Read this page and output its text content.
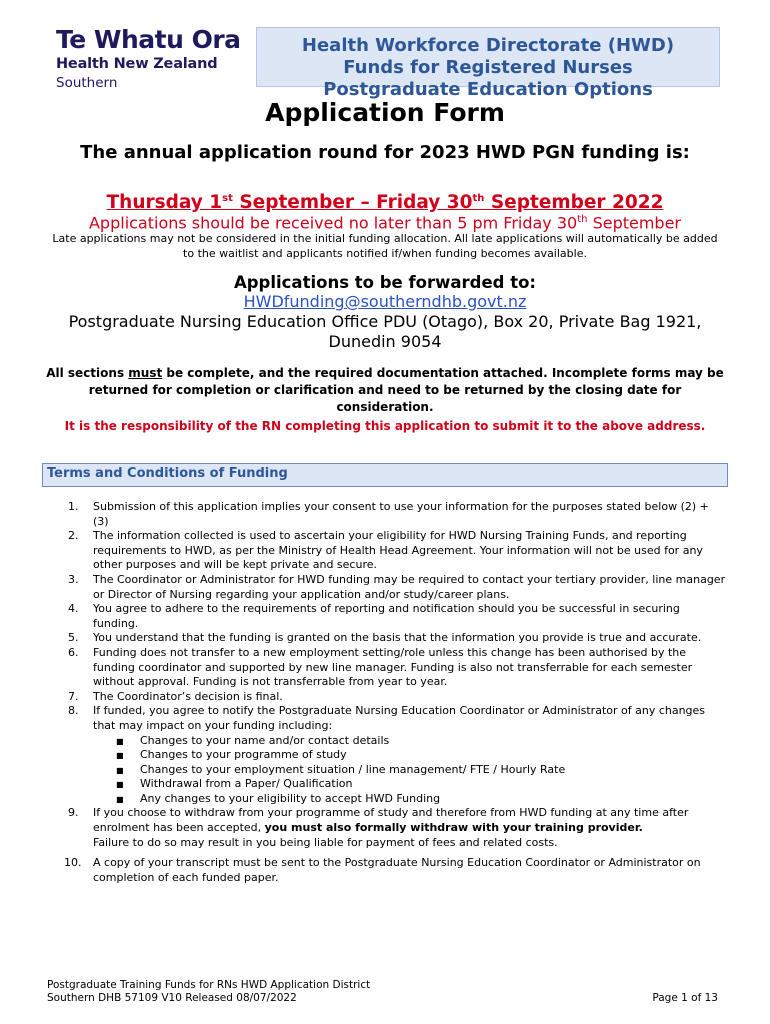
Te Whatu Ora
Health New Zealand
Southern
Health Workforce Directorate (HWD)
Funds for Registered Nurses
Postgraduate Education Options
Application Form
The annual application round for 2023 HWD PGN funding is:
Thursday 1st September – Friday 30th September 2022
Applications should be received no later than 5 pm Friday 30th September
Late applications may not be considered in the initial funding allocation. All late applications will automatically be added to the waitlist and applicants notified if/when funding becomes available.
Applications to be forwarded to:
HWDfunding@southerndhb.govt.nz
Postgraduate Nursing Education Office PDU (Otago), Box 20, Private Bag 1921, Dunedin 9054
All sections must be complete, and the required documentation attached. Incomplete forms may be returned for completion or clarification and need to be returned by the closing date for consideration.
It is the responsibility of the RN completing this application to submit it to the above address.
Terms and Conditions of Funding
1. Submission of this application implies your consent to use your information for the purposes stated below (2) + (3)
2. The information collected is used to ascertain your eligibility for HWD Nursing Training Funds, and reporting requirements to HWD, as per the Ministry of Health Head Agreement. Your information will not be used for any other purposes and will be kept private and secure.
3. The Coordinator or Administrator for HWD funding may be required to contact your tertiary provider, line manager or Director of Nursing regarding your application and/or study/career plans.
4. You agree to adhere to the requirements of reporting and notification should you be successful in securing funding.
5. You understand that the funding is granted on the basis that the information you provide is true and accurate.
6. Funding does not transfer to a new employment setting/role unless this change has been authorised by the funding coordinator and supported by new line manager. Funding is also not transferrable for each semester without approval. Funding is not transferrable from year to year.
7. The Coordinator’s decision is final.
8. If funded, you agree to notify the Postgraduate Nursing Education Coordinator or Administrator of any changes that may impact on your funding including:
■ Changes to your name and/or contact details
■ Changes to your programme of study
■ Changes to your employment situation / line management/ FTE / Hourly Rate
■ Withdrawal from a Paper/ Qualification
■ Any changes to your eligibility to accept HWD Funding
9. If you choose to withdraw from your programme of study and therefore from HWD funding at any time after enrolment has been accepted, you must also formally withdraw with your training provider.
Failure to do so may result in you being liable for payment of fees and related costs.
10. A copy of your transcript must be sent to the Postgraduate Nursing Education Coordinator or Administrator on completion of each funded paper.
Postgraduate Training Funds for RNs HWD Application District
Southern DHB 57109 V10 Released 08/07/2022	Page 1 of 13
